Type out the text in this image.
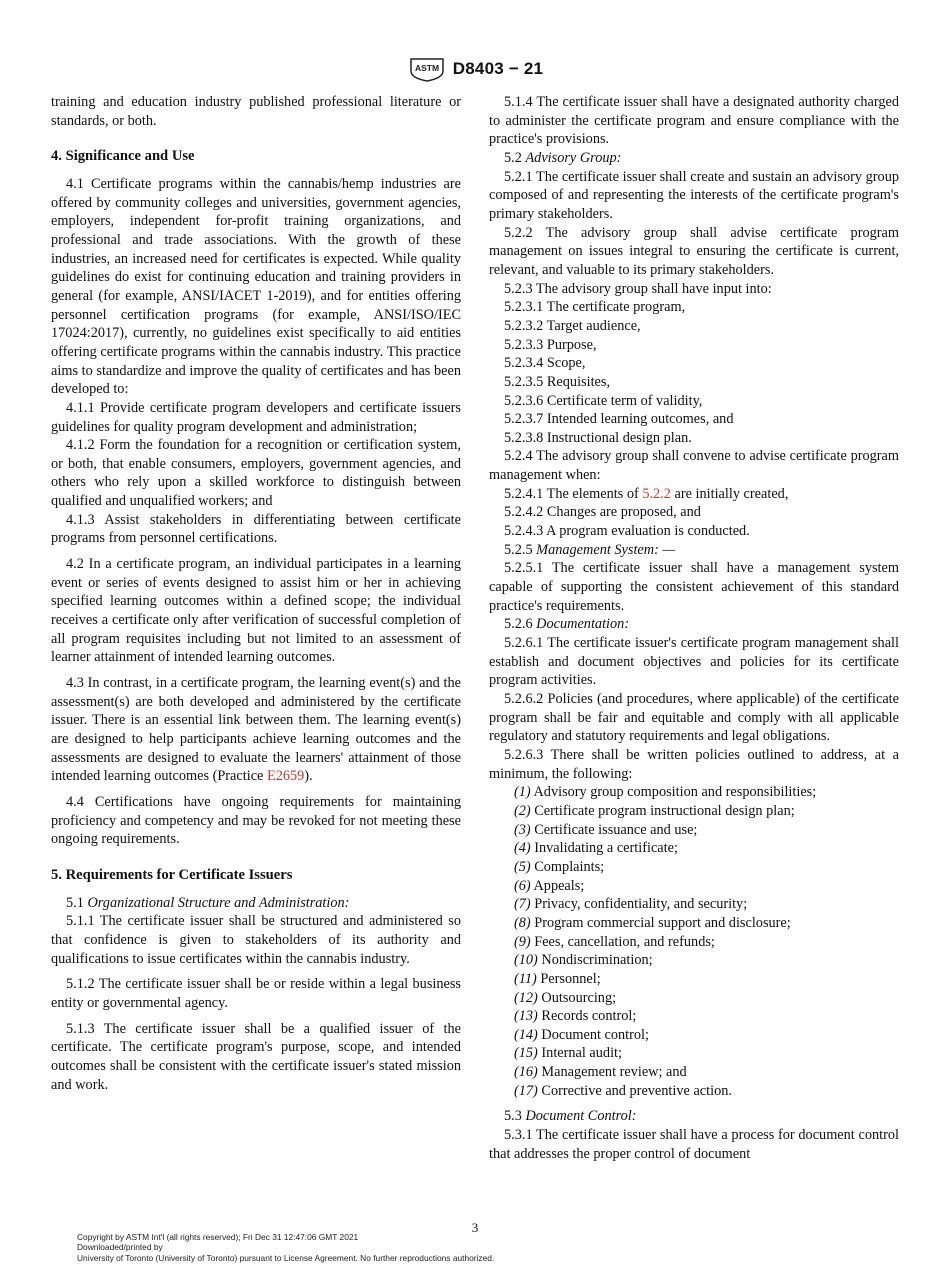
ASTM D8403 − 21

training and education industry published professional literature or standards, or both.

4. Significance and Use

4.1 Certificate programs within the cannabis/hemp industries are offered by community colleges and universities, government agencies, employers, independent for-profit training organizations, and professional and trade associations. With the growth of these industries, an increased need for certificates is expected. While quality guidelines do exist for continuing education and training providers in general (for example, ANSI/IACET 1-2019), and for entities offering personnel certification programs (for example, ANSI/ISO/IEC 17024:2017), currently, no guidelines exist specifically to aid entities offering certificate programs within the cannabis industry. This practice aims to standardize and improve the quality of certificates and has been developed to:

4.1.1 Provide certificate program developers and certificate issuers guidelines for quality program development and administration;

4.1.2 Form the foundation for a recognition or certification system, or both, that enable consumers, employers, government agencies, and others who rely upon a skilled workforce to distinguish between qualified and unqualified workers; and

4.1.3 Assist stakeholders in differentiating between certificate programs from personnel certifications.

4.2 In a certificate program, an individual participates in a learning event or series of events designed to assist him or her in achieving specified learning outcomes within a defined scope; the individual receives a certificate only after verification of successful completion of all program requisites including but not limited to an assessment of learner attainment of intended learning outcomes.

4.3 In contrast, in a certificate program, the learning event(s) and the assessment(s) are both developed and administered by the certificate issuer. There is an essential link between them. The learning event(s) are designed to help participants achieve learning outcomes and the assessments are designed to evaluate the learners' attainment of those intended learning outcomes (Practice E2659).

4.4 Certifications have ongoing requirements for maintaining proficiency and competency and may be revoked for not meeting these ongoing requirements.

5. Requirements for Certificate Issuers

5.1 Organizational Structure and Administration:

5.1.1 The certificate issuer shall be structured and administered so that confidence is given to stakeholders of its authority and qualifications to issue certificates within the cannabis industry.

5.1.2 The certificate issuer shall be or reside within a legal business entity or governmental agency.

5.1.3 The certificate issuer shall be a qualified issuer of the certificate. The certificate program's purpose, scope, and intended outcomes shall be consistent with the certificate issuer's stated mission and work.

5.1.4 The certificate issuer shall have a designated authority charged to administer the certificate program and ensure compliance with the practice's provisions.

5.2 Advisory Group:

5.2.1 The certificate issuer shall create and sustain an advisory group composed of and representing the interests of the certificate program's primary stakeholders.

5.2.2 The advisory group shall advise certificate program management on issues integral to ensuring the certificate is current, relevant, and valuable to its primary stakeholders.

5.2.3 The advisory group shall have input into:

5.2.3.1 The certificate program,

5.2.3.2 Target audience,

5.2.3.3 Purpose,

5.2.3.4 Scope,

5.2.3.5 Requisites,

5.2.3.6 Certificate term of validity,

5.2.3.7 Intended learning outcomes, and

5.2.3.8 Instructional design plan.

5.2.4 The advisory group shall convene to advise certificate program management when:

5.2.4.1 The elements of 5.2.2 are initially created,

5.2.4.2 Changes are proposed, and

5.2.4.3 A program evaluation is conducted.

5.2.5 Management System: —

5.2.5.1 The certificate issuer shall have a management system capable of supporting the consistent achievement of this standard practice's requirements.

5.2.6 Documentation:

5.2.6.1 The certificate issuer's certificate program management shall establish and document objectives and policies for its certificate program activities.

5.2.6.2 Policies (and procedures, where applicable) of the certificate program shall be fair and equitable and comply with all applicable regulatory and statutory requirements and legal obligations.

5.2.6.3 There shall be written policies outlined to address, at a minimum, the following:

(1) Advisory group composition and responsibilities;

(2) Certificate program instructional design plan;

(3) Certificate issuance and use;

(4) Invalidating a certificate;

(5) Complaints;

(6) Appeals;

(7) Privacy, confidentiality, and security;

(8) Program commercial support and disclosure;

(9) Fees, cancellation, and refunds;

(10) Nondiscrimination;

(11) Personnel;

(12) Outsourcing;

(13) Records control;

(14) Document control;

(15) Internal audit;

(16) Management review; and

(17) Corrective and preventive action.

5.3 Document Control:

5.3.1 The certificate issuer shall have a process for document control that addresses the proper control of document

3
Copyright by ASTM Int'l (all rights reserved); Fri Dec 31 12:47:06 GMT 2021
Downloaded/printed by
University of Toronto (University of Toronto) pursuant to License Agreement. No further reproductions authorized.
